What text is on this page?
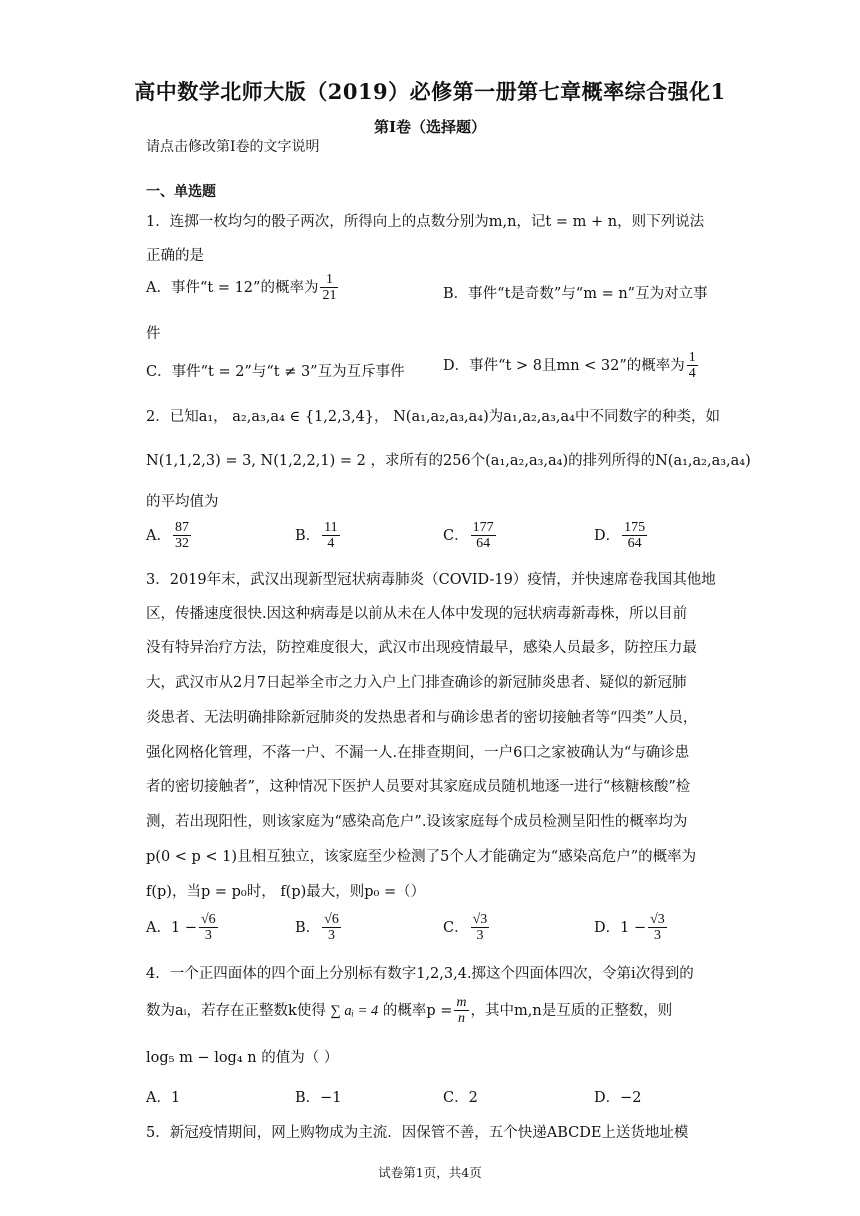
高中数学北师大版（2019）必修第一册第七章概率综合强化1
第I卷（选择题）
请点击修改第I卷的文字说明
一、单选题
1．连掷一枚均匀的骰子两次，所得向上的点数分别为m,n，记t = m + n，则下列说法
正确的是
A．事件“t = 12”的概率为 $\frac{1}{21}$	B．事件“t是奇数”与“m = n”互为对立事
件
C．事件“t = 2”与“t ≠ 3”互为互斥事件	D．事件“t > 8且mn < 32”的概率为 $\frac{1}{4}$
2．已知a₁， a₂,a₃,a₄ ∈ {1,2,3,4}， N(a₁,a₂,a₃,a₄)为a₁,a₂,a₃,a₄中不同数字的种类，如
N(1,1,2,3) = 3, N(1,2,2,1) = 2 ，求所有的256个(a₁,a₂,a₃,a₄)的排列所得的N(a₁,a₂,a₃,a₄)
的平均值为
A． $\frac{87}{32}$	B． $\frac{11}{4}$	C． $\frac{177}{64}$	D． $\frac{175}{64}$
3．2019年末，武汉出现新型冠状病毒肺炎（COVID-19）疫情，并快速席卷我国其他地
区，传播速度很快.因这种病毒是以前从未在人体中发现的冠状病毒新毒株，所以目前
没有特异治疗方法，防控难度很大，武汉市出现疫情最早，感染人员最多，防控压力最
大，武汉市从2月7日起举全市之力入户上门排查确诊的新冠肺炎患者、疑似的新冠肺
炎患者、无法明确排除新冠肺炎的发热患者和与确诊患者的密切接触者等“四类”人员，
强化网格化管理，不落一户、不漏一人.在排查期间，一户6口之家被确认为“与确诊患
者的密切接触者”，这种情况下医护人员要对其家庭成员随机地逐一进行“核糖核酸”检
测，若出现阳性，则该家庭为“感染高危户”.设该家庭每个成员检测呈阳性的概率均为
p(0 < p < 1)且相互独立，该家庭至少检测了5个人才能确定为“感染高危户”的概率为
f(p)，当p = p₀时， f(p)最大，则p₀ =（）
A．$1 - \frac{√6}{3}$	B． $\frac{√6}{3}$	C． $\frac{√3}{3}$	D．$1 - \frac{√3}{3}$
4．一个正四面体的四个面上分别标有数字1,2,3,4.掷这个四面体四次，令第i次得到的
数为aᵢ，若存在正整数k使得 ∑ aᵢ = 4 的概率$p = \frac{m}{n}$ ，其中m,n是互质的正整数，则
log₅ m − log₄ n 的值为（ ）
A．1	B．−1	C．2	D．−2
5．新冠疫情期间，网上购物成为主流．因保管不善，五个快递ABCDE上送货地址模
试卷第1页，共4页
